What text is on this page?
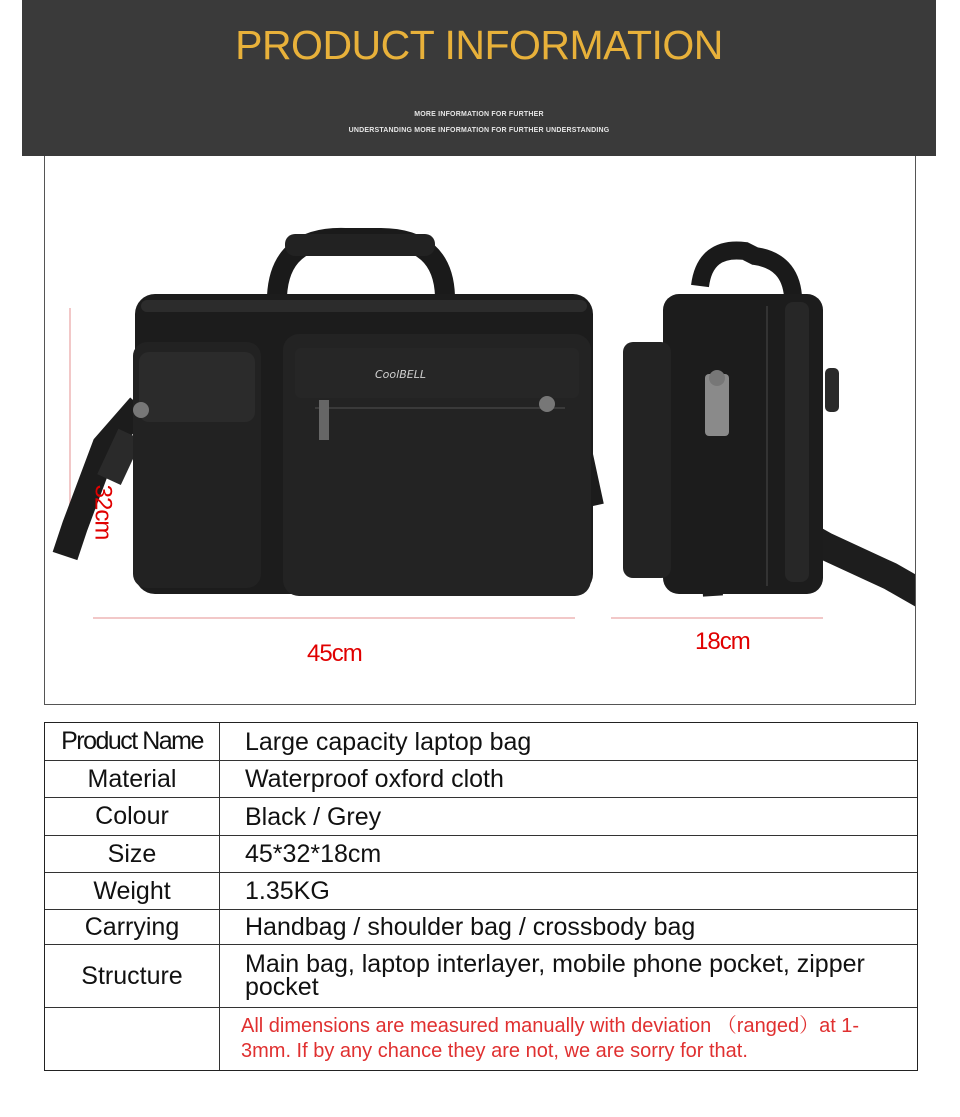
PRODUCT INFORMATION
MORE INFORMATION FOR FURTHER
UNDERSTANDING MORE INFORMATION FOR FURTHER UNDERSTANDING
CoolBELL
32cm
45cm	18cm
Product Name	Large capacity laptop bag
Material	Waterproof oxford cloth
Colour	Black / Grey
Size	45*32*18cm
Weight	1.35KG
Carrying	Handbag / shoulder bag / crossbody bag
Structure	Main bag, laptop interlayer, mobile phone pocket, zipper pocket
All dimensions are measured manually with deviation （ranged）at 1-3mm. If by any chance they are not, we are sorry for that.
